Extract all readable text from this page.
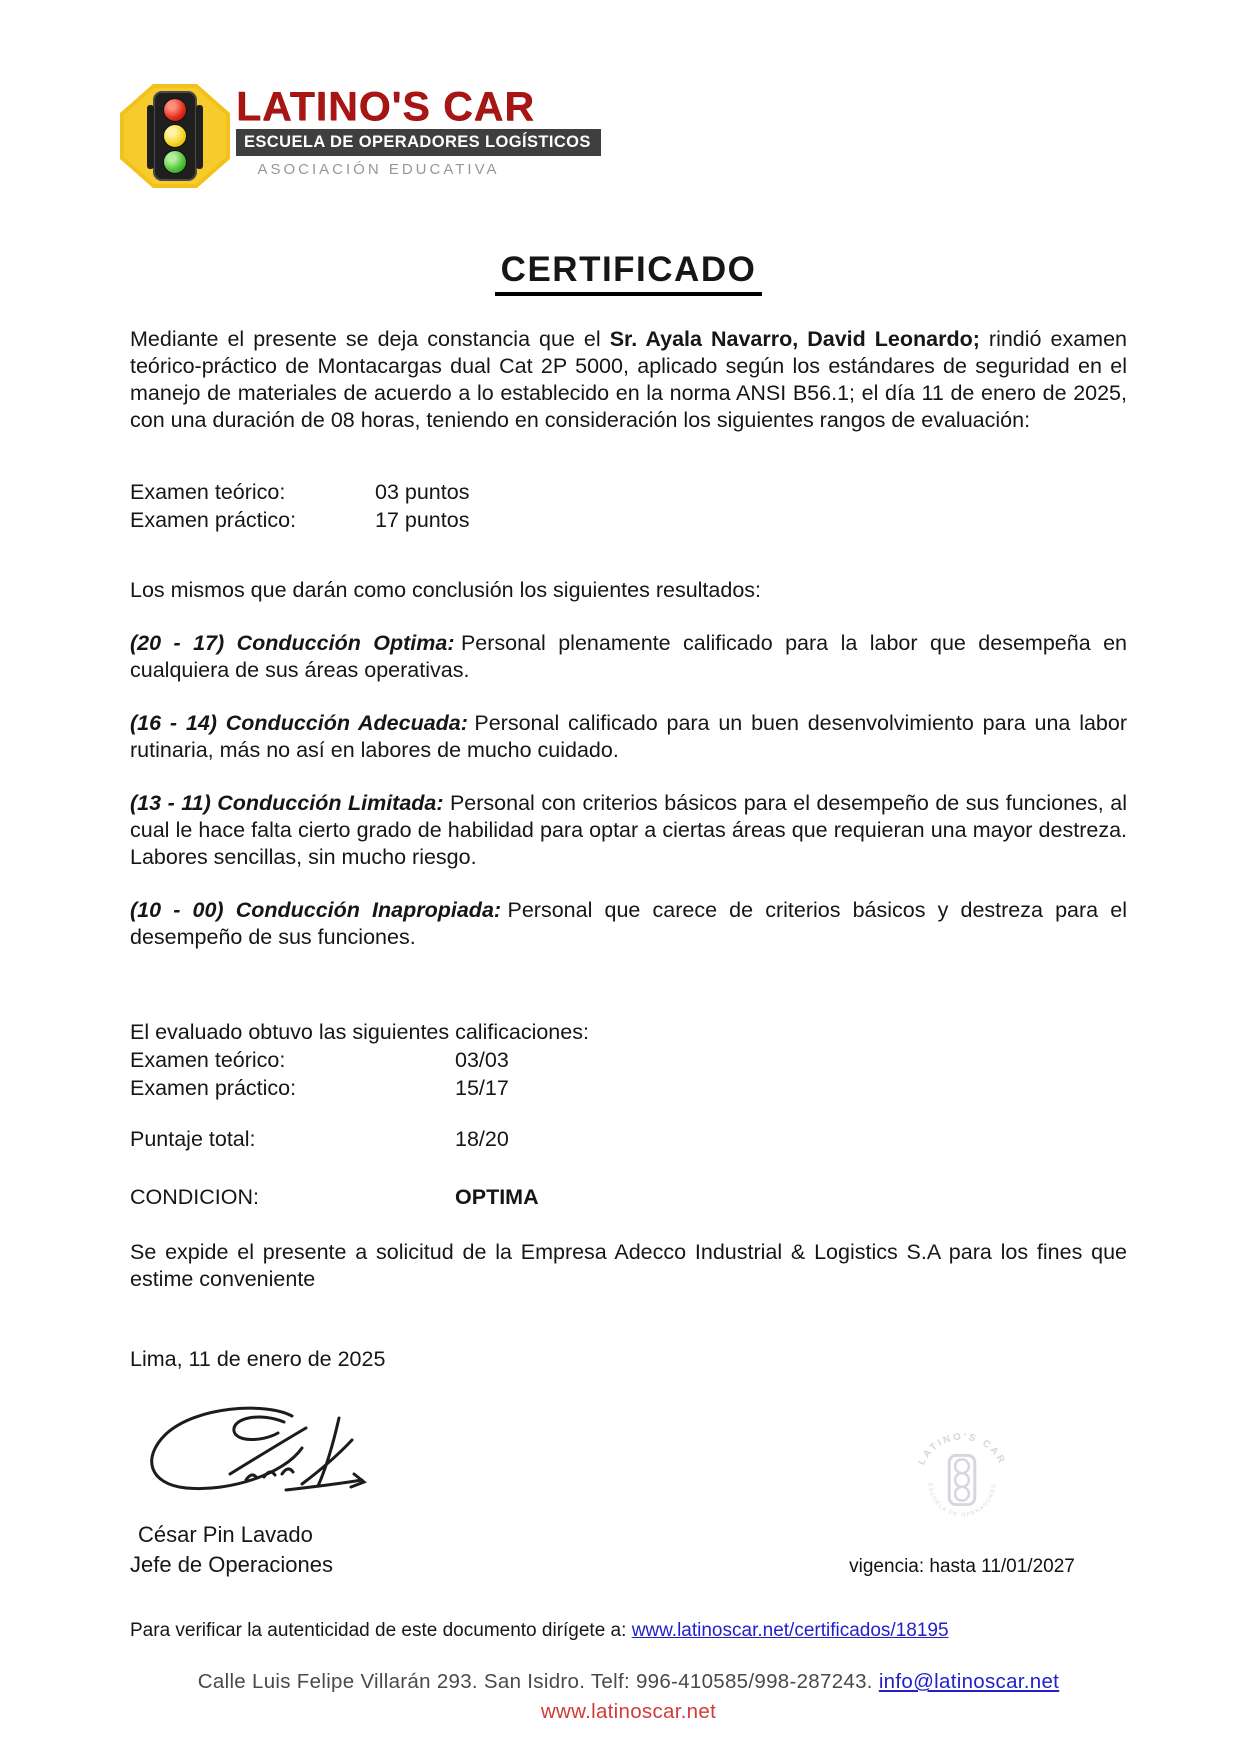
LATINO'S CAR
ESCUELA DE OPERADORES LOGÍSTICOS
ASOCIACIÓN EDUCATIVA
CERTIFICADO

Mediante el presente se deja constancia que el Sr. Ayala Navarro, David Leonardo; rindió examen teórico-práctico de Montacargas dual Cat 2P 5000, aplicado según los estándares de seguridad en el manejo de materiales de acuerdo a lo establecido en la norma ANSI B56.1; el día 11 de enero de 2025, con una duración de 08 horas, teniendo en consideración los siguientes rangos de evaluación:

Examen teórico:	03 puntos
Examen práctico:	17 puntos

Los mismos que darán como conclusión los siguientes resultados:

(20 - 17) Conducción Optima: Personal plenamente calificado para la labor que desempeña en cualquiera de sus áreas operativas.

(16 - 14) Conducción Adecuada: Personal calificado para un buen desenvolvimiento para una labor rutinaria, más no así en labores de mucho cuidado.

(13 - 11) Conducción Limitada: Personal con criterios básicos para el desempeño de sus funciones, al cual le hace falta cierto grado de habilidad para optar a ciertas áreas que requieran una mayor destreza. Labores sencillas, sin mucho riesgo.

(10 - 00) Conducción Inapropiada: Personal que carece de criterios básicos y destreza para el desempeño de sus funciones.

El evaluado obtuvo las siguientes calificaciones:

Examen teórico:	03/03
Examen práctico:	15/17
Puntaje total:	18/20
CONDICION:	OPTIMA

Se expide el presente a solicitud de la Empresa Adecco Industrial & Logistics S.A para los fines que estime conveniente

Lima, 11 de enero de 2025

César Pin Lavado
Jefe de Operaciones
LATINO'S CAR
ESCUELA DE OPERADORES
vigencia: hasta 11/01/2027

Para verificar la autenticidad de este documento dirígete a: www.latinoscar.net/certificados/18195

Calle Luis Felipe Villarán 293. San Isidro. Telf: 996-410585/998-287243. info@latinoscar.net

www.latinoscar.net
